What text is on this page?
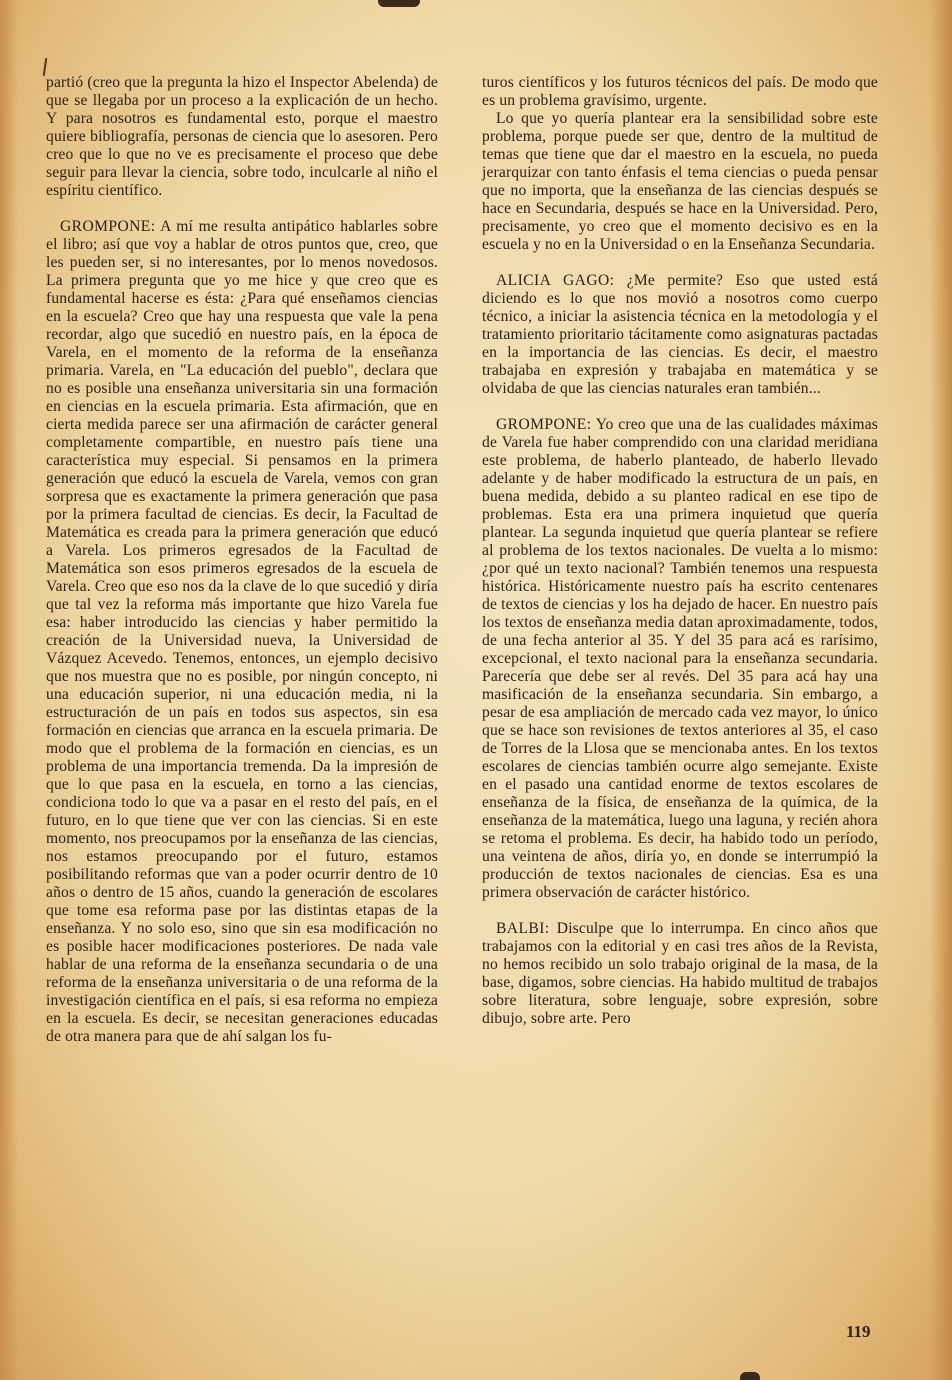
partió (creo que la pregunta la hizo el Inspector Abelenda) de que se llegaba por un proceso a la explicación de un hecho. Y para nosotros es fundamental esto, porque el maestro quiere bibliografía, personas de ciencia que lo asesoren. Pero creo que lo que no ve es precisamente el proceso que debe seguir para llevar la ciencia, sobre todo, inculcarle al niño el espíritu científico.

GROMPONE: A mí me resulta antipático hablarles sobre el libro; así que voy a hablar de otros puntos que, creo, que les pueden ser, si no interesantes, por lo menos novedosos. La primera pregunta que yo me hice y que creo que es fundamental hacerse es ésta: ¿Para qué enseñamos ciencias en la escuela? Creo que hay una respuesta que vale la pena recordar, algo que sucedió en nuestro país, en la época de Varela, en el momento de la reforma de la enseñanza primaria. Varela, en "La educación del pueblo", declara que no es posible una enseñanza universitaria sin una formación en ciencias en la escuela primaria. Esta afirmación, que en cierta medida parece ser una afirmación de carácter general completamente compartible, en nuestro país tiene una característica muy especial. Si pensamos en la primera generación que educó la escuela de Varela, vemos con gran sorpresa que es exactamente la primera generación que pasa por la primera facultad de ciencias. Es decir, la Facultad de Matemática es creada para la primera generación que educó a Varela. Los primeros egresados de la Facultad de Matemática son esos primeros egresados de la escuela de Varela. Creo que eso nos da la clave de lo que sucedió y diría que tal vez la reforma más importante que hizo Varela fue esa: haber introducido las ciencias y haber permitido la creación de la Universidad nueva, la Universidad de Vázquez Acevedo. Tenemos, entonces, un ejemplo decisivo que nos muestra que no es posible, por ningún concepto, ni una educación superior, ni una educación media, ni la estructuración de un país en todos sus aspectos, sin esa formación en ciencias que arranca en la escuela primaria. De modo que el problema de la formación en ciencias, es un problema de una importancia tremenda. Da la impresión de que lo que pasa en la escuela, en torno a las ciencias, condiciona todo lo que va a pasar en el resto del país, en el futuro, en lo que tiene que ver con las ciencias. Si en este momento, nos preocupamos por la enseñanza de las ciencias, nos estamos preocupando por el futuro, estamos posibilitando reformas que van a poder ocurrir dentro de 10 años o dentro de 15 años, cuando la generación de escolares que tome esa reforma pase por las distintas etapas de la enseñanza. Y no solo eso, sino que sin esa modificación no es posible hacer modificaciones posteriores. De nada vale hablar de una reforma de la enseñanza secundaria o de una reforma de la enseñanza universitaria o de una reforma de la investigación científica en el país, si esa reforma no empieza en la escuela. Es decir, se necesitan generaciones educadas de otra manera para que de ahí salgan los fu-

turos científicos y los futuros técnicos del país. De modo que es un problema gravísimo, urgente.

Lo que yo quería plantear era la sensibilidad sobre este problema, porque puede ser que, dentro de la multitud de temas que tiene que dar el maestro en la escuela, no pueda jerarquizar con tanto énfasis el tema ciencias o pueda pensar que no importa, que la enseñanza de las ciencias después se hace en Secundaria, después se hace en la Universidad. Pero, precisamente, yo creo que el momento decisivo es en la escuela y no en la Universidad o en la Enseñanza Secundaria.

ALICIA GAGO: ¿Me permite? Eso que usted está diciendo es lo que nos movió a nosotros como cuerpo técnico, a iniciar la asistencia técnica en la metodología y el tratamiento prioritario tácitamente como asignaturas pactadas en la importancia de las ciencias. Es decir, el maestro trabajaba en expresión y trabajaba en matemática y se olvidaba de que las ciencias naturales eran también...

GROMPONE: Yo creo que una de las cualidades máximas de Varela fue haber comprendido con una claridad meridiana este problema, de haberlo planteado, de haberlo llevado adelante y de haber modificado la estructura de un país, en buena medida, debido a su planteo radical en ese tipo de problemas. Esta era una primera inquietud que quería plantear. La segunda inquietud que quería plantear se refiere al problema de los textos nacionales. De vuelta a lo mismo: ¿por qué un texto nacional? También tenemos una respuesta histórica. Históricamente nuestro país ha escrito centenares de textos de ciencias y los ha dejado de hacer. En nuestro país los textos de enseñanza media datan aproximadamente, todos, de una fecha anterior al 35. Y del 35 para acá es rarísimo, excepcional, el texto nacional para la enseñanza secundaria. Parecería que debe ser al revés. Del 35 para acá hay una masificación de la enseñanza secundaria. Sin embargo, a pesar de esa ampliación de mercado cada vez mayor, lo único que se hace son revisiones de textos anteriores al 35, el caso de Torres de la Llosa que se mencionaba antes. En los textos escolares de ciencias también ocurre algo semejante. Existe en el pasado una cantidad enorme de textos escolares de enseñanza de la física, de enseñanza de la química, de la enseñanza de la matemática, luego una laguna, y recién ahora se retoma el problema. Es decir, ha habido todo un período, una veintena de años, diría yo, en donde se interrumpió la producción de textos nacionales de ciencias. Esa es una primera observación de carácter histórico.

BALBI: Disculpe que lo interrumpa. En cinco años que trabajamos con la editorial y en casi tres años de la Revista, no hemos recibido un solo trabajo original de la masa, de la base, digamos, sobre ciencias. Ha habido multitud de trabajos sobre literatura, sobre lenguaje, sobre expresión, sobre dibujo, sobre arte. Pero

119
